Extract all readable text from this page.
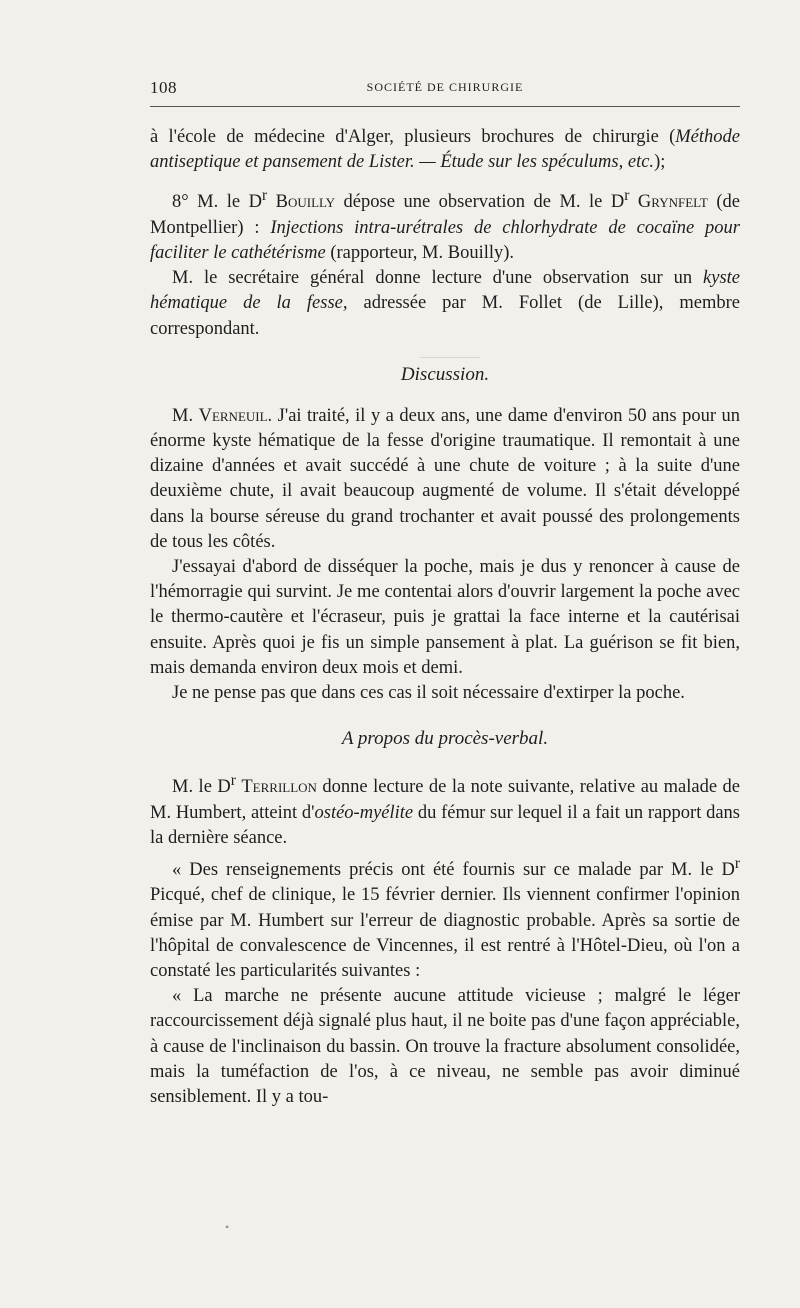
•
108	SOCIÉTÉ DE CHIRURGIE

à l'école de médecine d'Alger, plusieurs brochures de chirurgie (Méthode antiseptique et pansement de Lister. — Étude sur les spéculums, etc.);

8° M. le $D^r$ Bouilly dépose une observation de M. le $D^r$ Grynfelt (de Montpellier) : Injections intra-urétrales de chlorhydrate de cocaïne pour faciliter le cathétérisme (rapporteur, M. Bouilly).

M. le secrétaire général donne lecture d'une observation sur un kyste hématique de la fesse, adressée par M. Follet (de Lille), membre correspondant.

Discussion.

M. Verneuil. J'ai traité, il y a deux ans, une dame d'environ 50 ans pour un énorme kyste hématique de la fesse d'origine traumatique. Il remontait à une dizaine d'années et avait succédé à une chute de voiture ; à la suite d'une deuxième chute, il avait beaucoup augmenté de volume. Il s'était développé dans la bourse séreuse du grand trochanter et avait poussé des prolongements de tous les côtés.

J'essayai d'abord de disséquer la poche, mais je dus y renoncer à cause de l'hémorragie qui survint. Je me contentai alors d'ouvrir largement la poche avec le thermo-cautère et l'écraseur, puis je grattai la face interne et la cautérisai ensuite. Après quoi je fis un simple pansement à plat. La guérison se fit bien, mais demanda environ deux mois et demi.

Je ne pense pas que dans ces cas il soit nécessaire d'extirper la poche.

A propos du procès-verbal.

M. le $D^r$ Terrillon donne lecture de la note suivante, relative au malade de M. Humbert, atteint d'ostéo-myélite du fémur sur lequel il a fait un rapport dans la dernière séance.

« Des renseignements précis ont été fournis sur ce malade par M. le $D^r$ Picqué, chef de clinique, le 15 février dernier. Ils viennent confirmer l'opinion émise par M. Humbert sur l'erreur de diagnostic probable. Après sa sortie de l'hôpital de convalescence de Vincennes, il est rentré à l'Hôtel-Dieu, où l'on a constaté les particularités suivantes :

« La marche ne présente aucune attitude vicieuse ; malgré le léger raccourcissement déjà signalé plus haut, il ne boite pas d'une façon appréciable, à cause de l'inclinaison du bassin. On trouve la fracture absolument consolidée, mais la tuméfaction de l'os, à ce niveau, ne semble pas avoir diminué sensiblement. Il y a tou-
